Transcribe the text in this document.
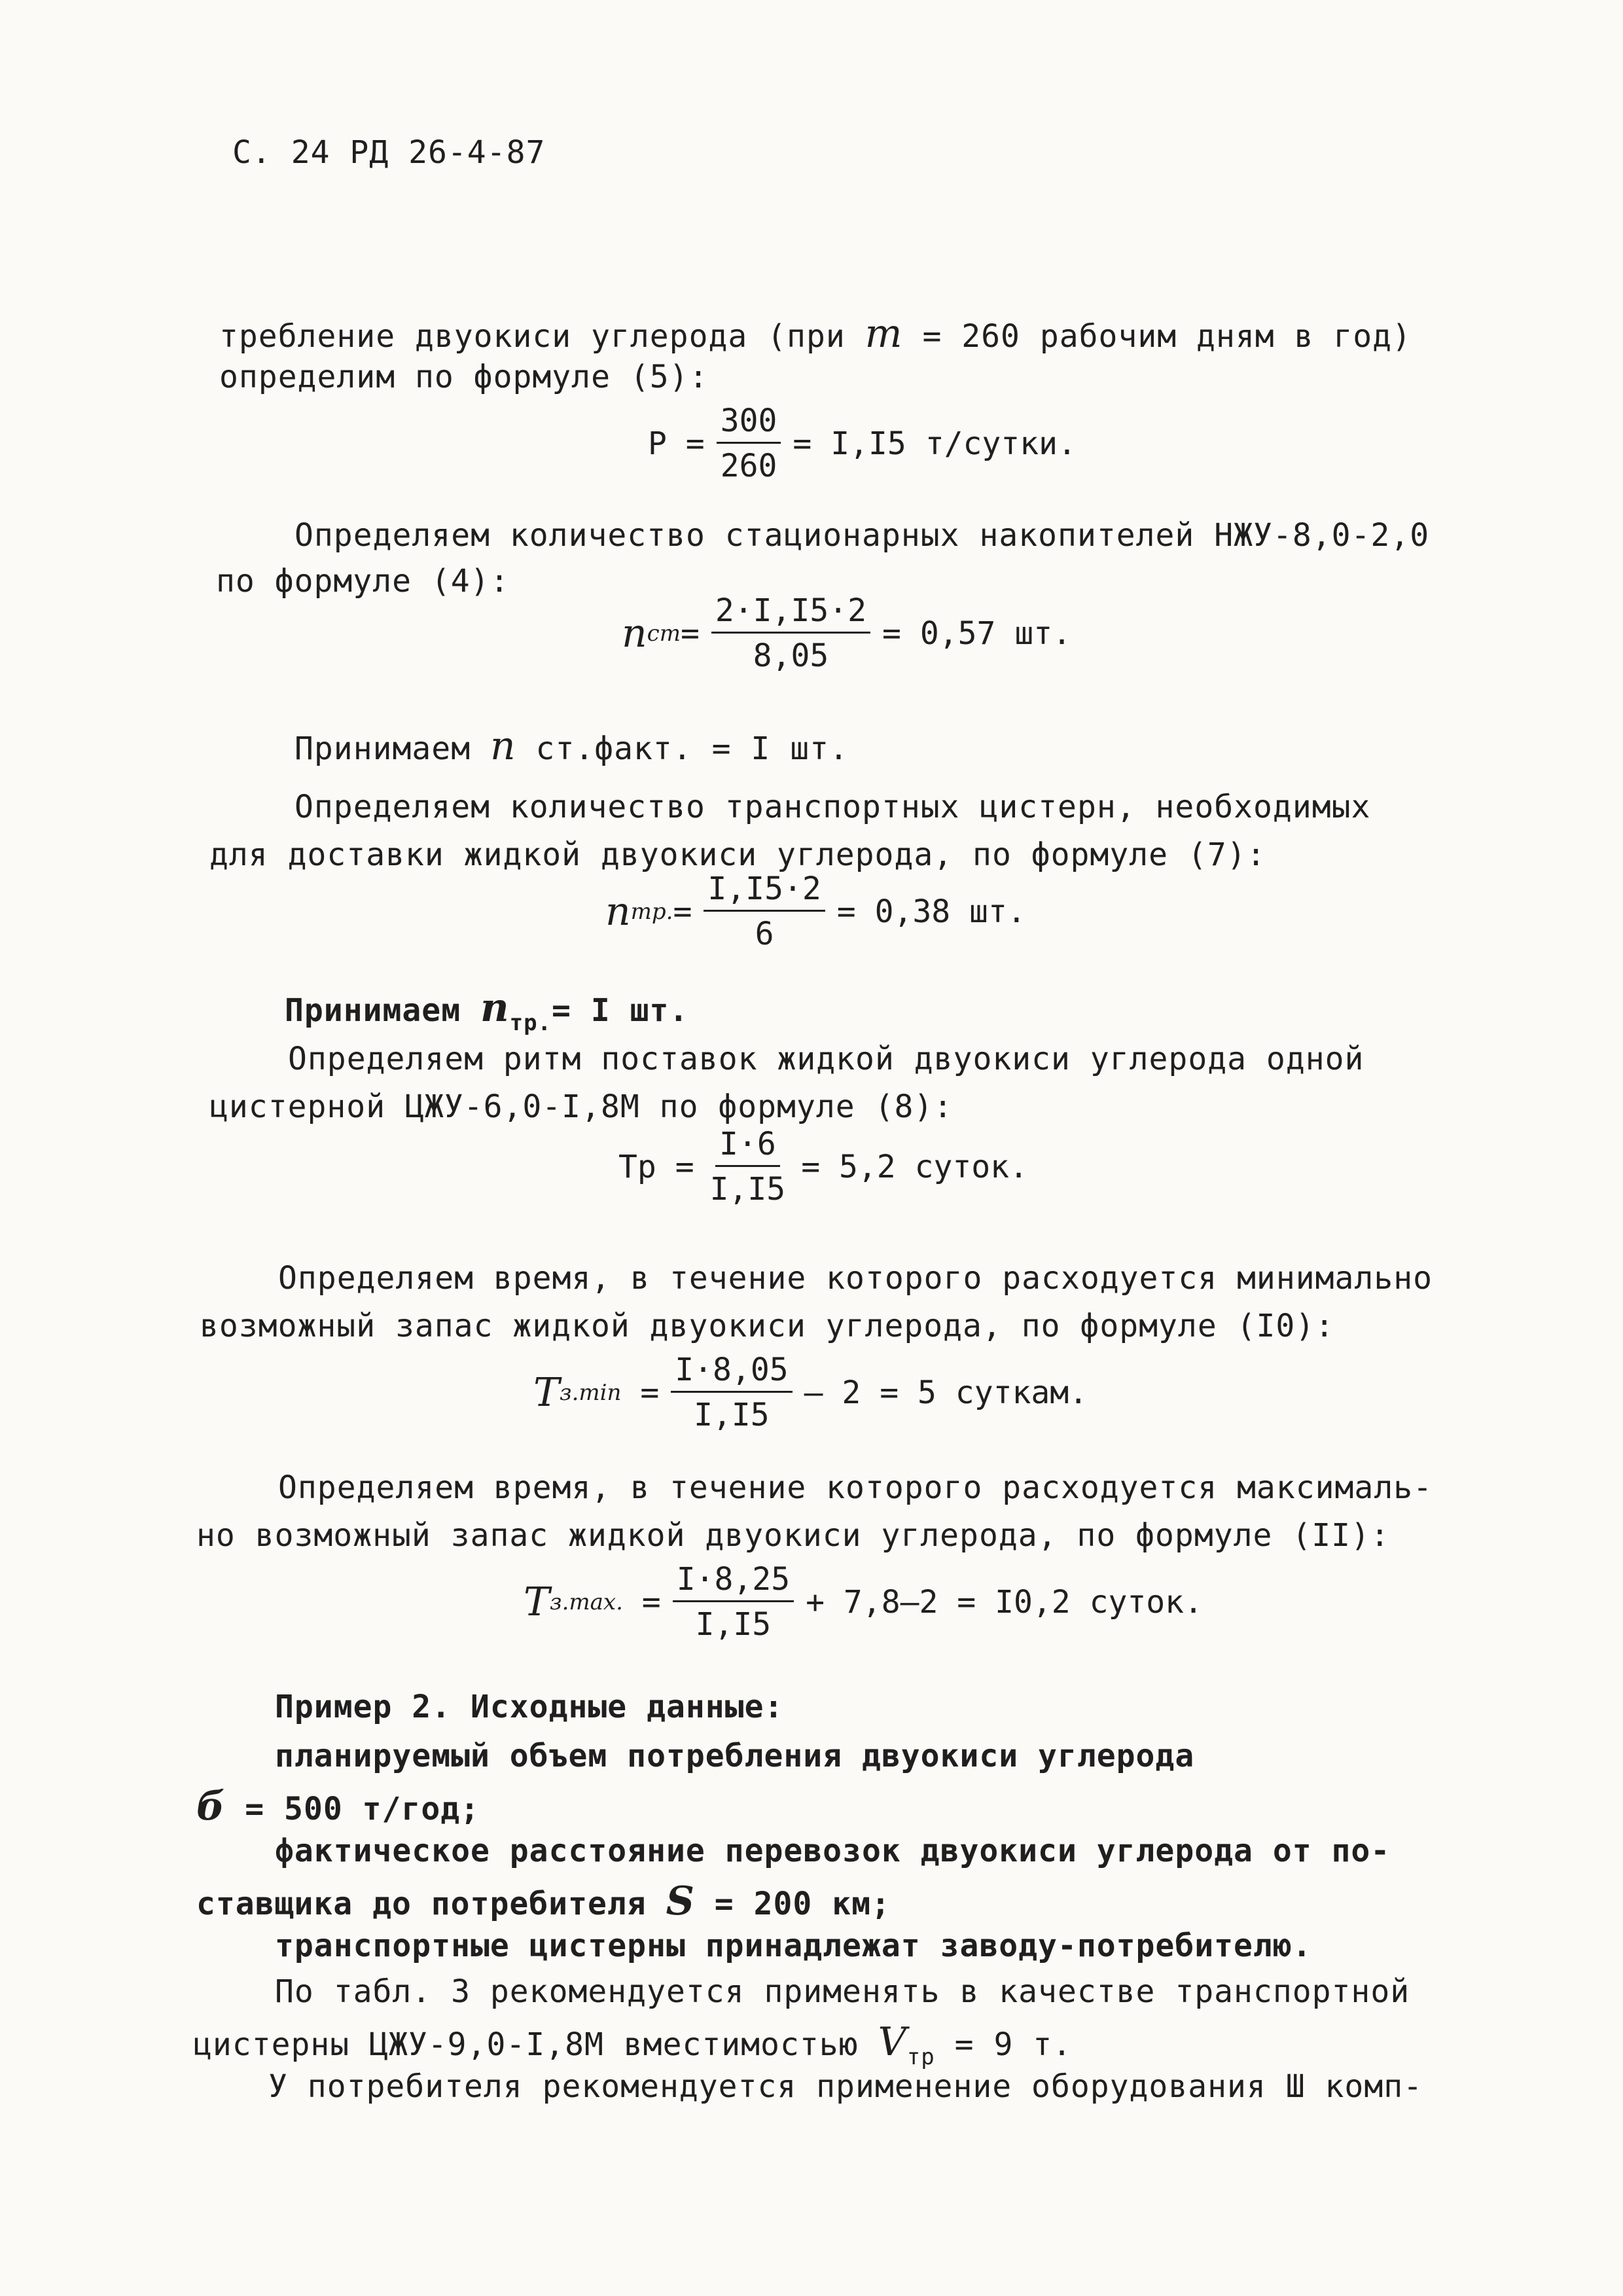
С. 24 РД 26-4-87
требление двуокиси углерода (при m = 260 рабочим дням в год)
определим по формуле (5):
$P = \frac{300}{260} = I,I5$ т/сутки.
Определяем количество стационарных накопителей НЖУ-8,0-2,0
по формуле (4):
n cm = $\frac{2\cdot I,I5\cdot 2}{8,05} = 0,57$ шт.
Принимаем n ст.факт. = I шт.
Определяем количество транспортных цистерн, необходимых
для доставки жидкой двуокиси углерода, по формуле (7):
n тр. = $\frac{I,I5\cdot 2}{6} = 0,38$ шт.
Принимаем $n_{тр.}= I$ шт.
Определяем ритм поставок жидкой двуокиси углерода одной
цистерной ЦЖУ-6,0-I,8М по формуле (8):
Тр = $\frac{I\cdot 6}{I,I5} = 5,2$ суток.
Определяем время, в течение которого расходуется минимально
возможный запас жидкой двуокиси углерода, по формуле (I0):
T з.min
= $\frac{I\cdot 8,05}{I,I5} - 2 = 5$ суткам.
Определяем время, в течение которого расходуется максималь-
но возможный запас жидкой двуокиси углерода, по формуле (II):
T з.max.
= $\frac{I\cdot 8,25}{I,I5} + 7,8-2 = I0,2$ суток.
Пример 2. Исходные данные:
планируемый объем потребления двуокиси углерода
б = 500 т/год;
фактическое расстояние перевозок двуокиси углерода от по-
ставщика до потребителя S = 200 км;
транспортные цистерны принадлежат заводу-потребителю.
По табл. 3 рекомендуется применять в качестве транспортной
цистерны ЦЖУ-9,0-I,8М вместимостью $V_{тр} = 9$ т.
У потребителя рекомендуется применение оборудования Ш комп-
